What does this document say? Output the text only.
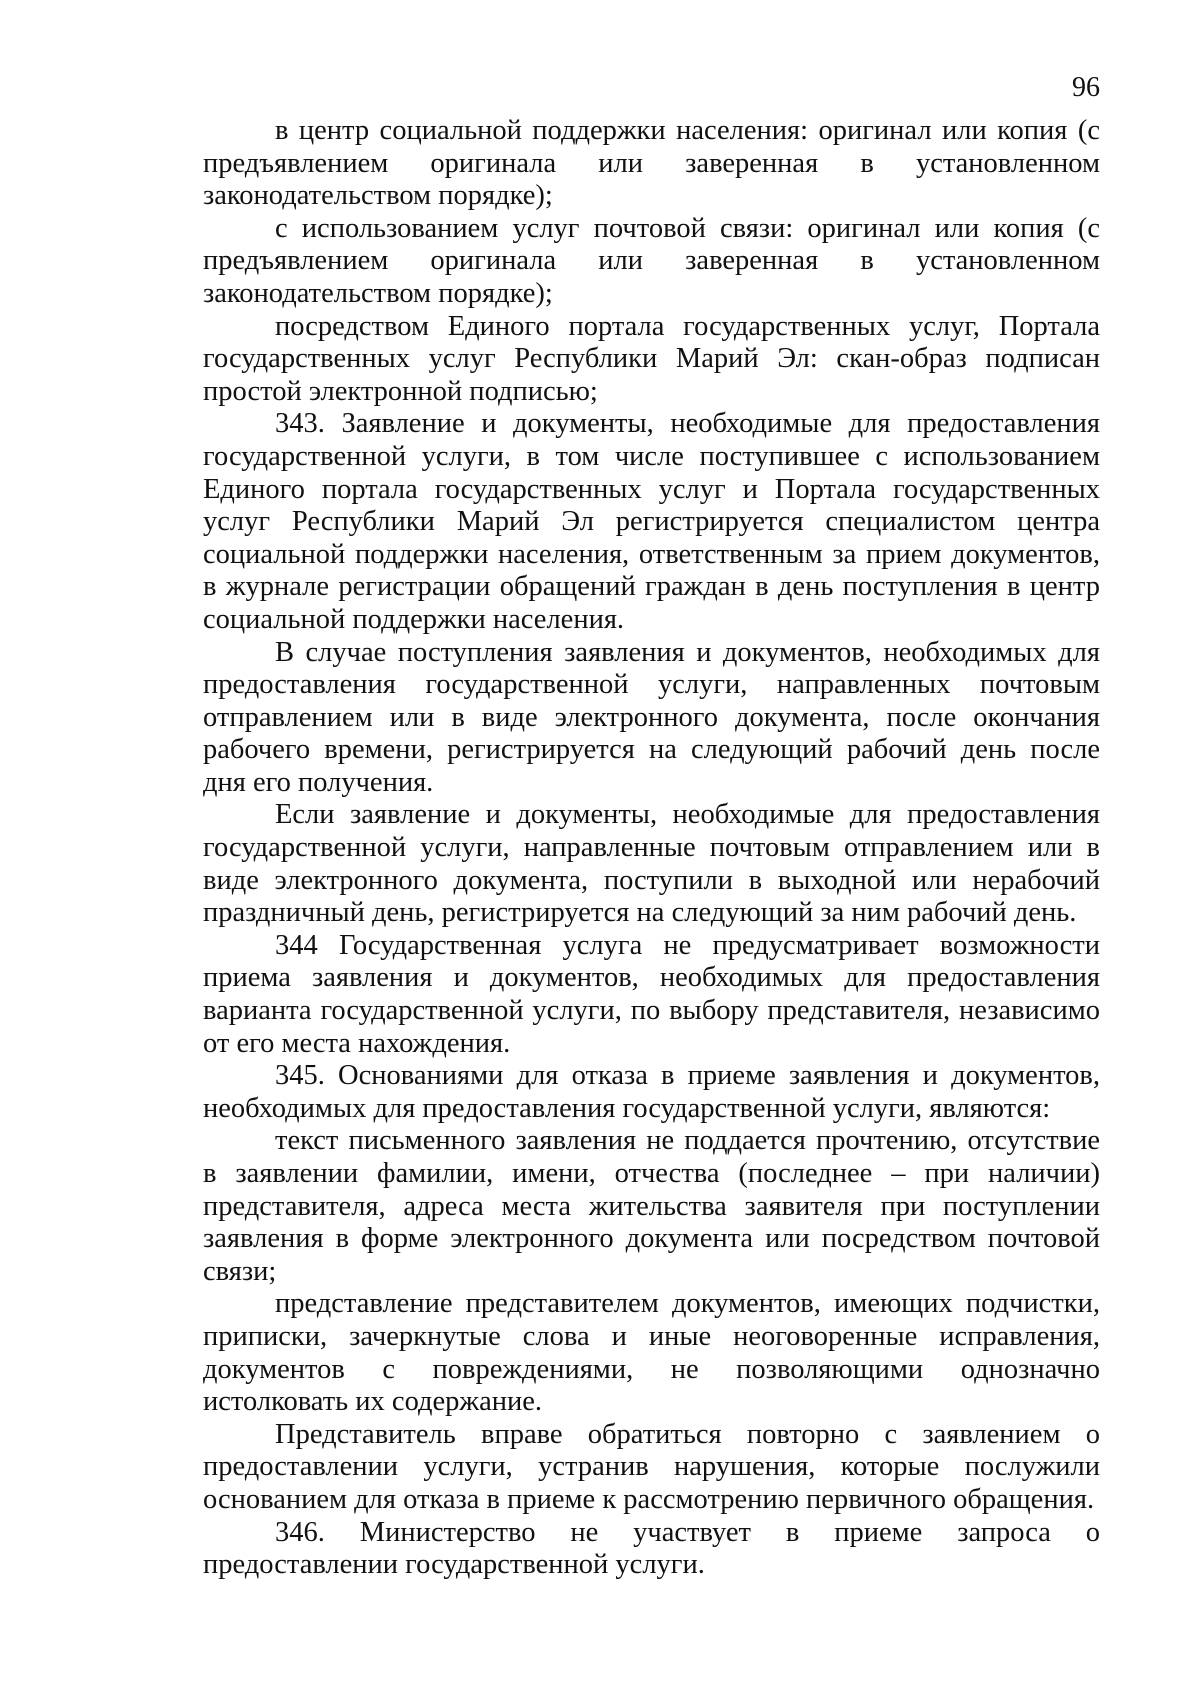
96

в центр социальной поддержки населения: оригинал или копия (с предъявлением оригинала или заверенная в установленном законодательством порядке);

с использованием услуг почтовой связи: оригинал или копия (с предъявлением оригинала или заверенная в установленном законодательством порядке);

посредством Единого портала государственных услуг, Портала государственных услуг Республики Марий Эл: скан-образ подписан простой электронной подписью;

343. Заявление и документы, необходимые для предоставления государственной услуги, в том числе поступившее с использованием Единого портала государственных услуг и Портала государственных услуг Республики Марий Эл регистрируется специалистом центра социальной поддержки населения, ответственным за прием документов, в журнале регистрации обращений граждан в день поступления в центр социальной поддержки населения.

В случае поступления заявления и документов, необходимых для предоставления государственной услуги, направленных почтовым отправлением или в виде электронного документа, после окончания рабочего времени, регистрируется на следующий рабочий день после дня его получения.

Если заявление и документы, необходимые для предоставления государственной услуги, направленные почтовым отправлением или в виде электронного документа, поступили в выходной или нерабочий праздничный день, регистрируется на следующий за ним рабочий день.

344 Государственная услуга не предусматривает возможности приема заявления и документов, необходимых для предоставления варианта государственной услуги, по выбору представителя, независимо от его места нахождения.

345. Основаниями для отказа в приеме заявления и документов, необходимых для предоставления государственной услуги, являются:

текст письменного заявления не поддается прочтению, отсутствие в заявлении фамилии, имени, отчества (последнее – при наличии) представителя, адреса места жительства заявителя при поступлении заявления в форме электронного документа или посредством почтовой связи;

представление представителем документов, имеющих подчистки, приписки, зачеркнутые слова и иные неоговоренные исправления, документов с повреждениями, не позволяющими однозначно истолковать их содержание.

Представитель вправе обратиться повторно с заявлением о предоставлении услуги, устранив нарушения, которые послужили основанием для отказа в приеме к рассмотрению первичного обращения.

346. Министерство не участвует в приеме запроса о предоставлении государственной услуги.
